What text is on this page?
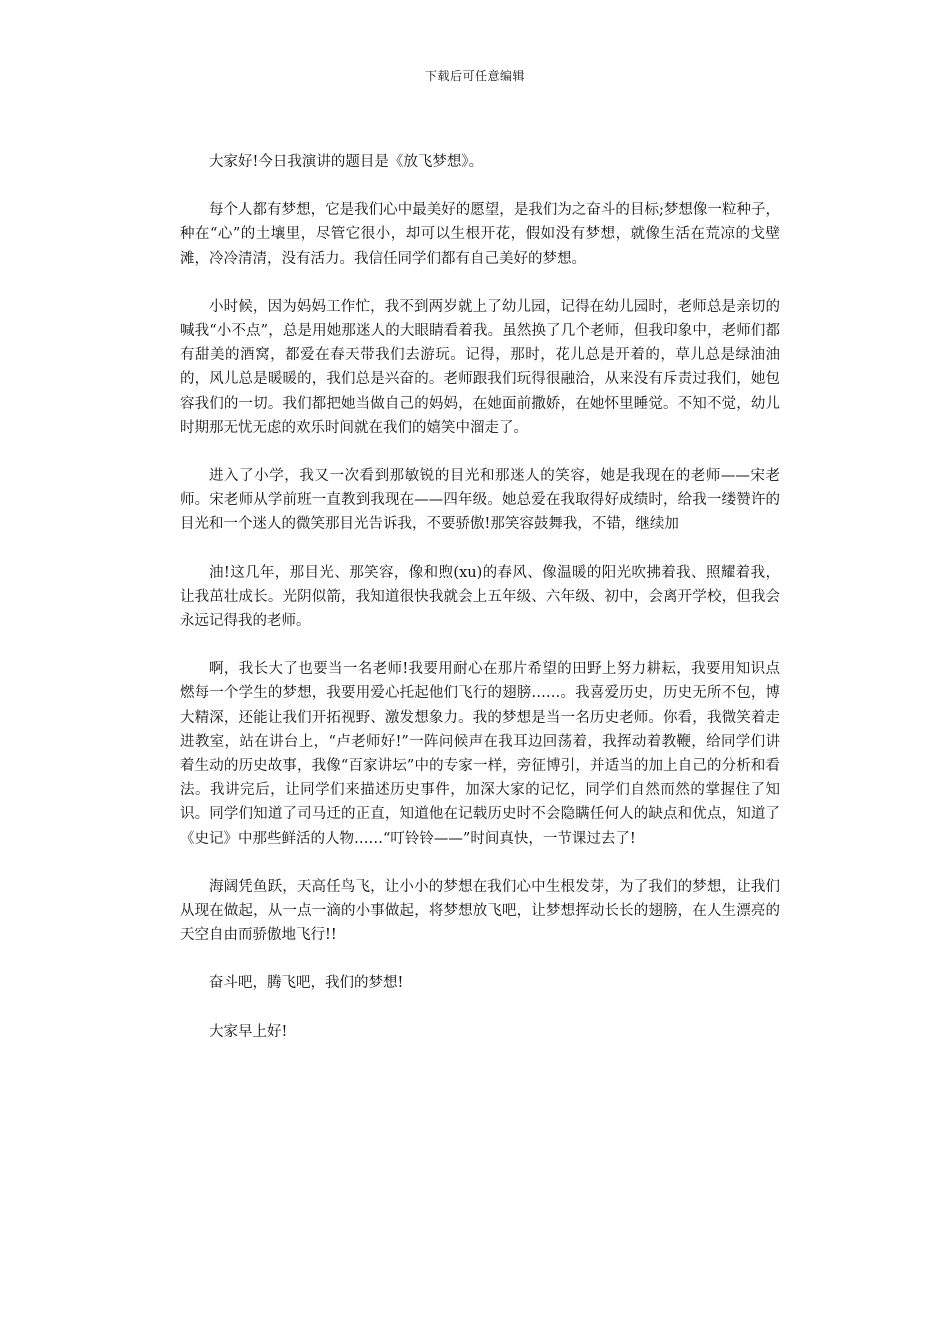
下载后可任意编辑

大家好!今日我演讲的题目是《放飞梦想》。

每个人都有梦想，它是我们心中最美好的愿望，是我们为之奋斗的目标;梦想像一粒种子，种在“心”的土壤里，尽管它很小，却可以生根开花，假如没有梦想，就像生活在荒凉的戈壁滩，冷冷清清，没有活力。我信任同学们都有自己美好的梦想。

小时候，因为妈妈工作忙，我不到两岁就上了幼儿园，记得在幼儿园时，老师总是亲切的喊我“小不点”，总是用她那迷人的大眼睛看着我。虽然换了几个老师，但我印象中，老师们都有甜美的酒窝，都爱在春天带我们去游玩。记得，那时，花儿总是开着的，草儿总是绿油油的，风儿总是暖暖的，我们总是兴奋的。老师跟我们玩得很融洽，从来没有斥责过我们，她包容我们的一切。我们都把她当做自己的妈妈，在她面前撒娇，在她怀里睡觉。不知不觉，幼儿时期那无忧无虑的欢乐时间就在我们的嬉笑中溜走了。

进入了小学，我又一次看到那敏锐的目光和那迷人的笑容，她是我现在的老师——宋老师。宋老师从学前班一直教到我现在——四年级。她总爱在我取得好成绩时，给我一缕赞许的目光和一个迷人的微笑那目光告诉我，不要骄傲!那笑容鼓舞我，不错，继续加

油!这几年，那目光、那笑容，像和煦(xu)的春风、像温暖的阳光吹拂着我、照耀着我，让我茁壮成长。光阴似箭，我知道很快我就会上五年级、六年级、初中，会离开学校，但我会永远记得我的老师。

啊，我长大了也要当一名老师!我要用耐心在那片希望的田野上努力耕耘，我要用知识点燃每一个学生的梦想，我要用爱心托起他们飞行的翅膀……。我喜爱历史，历史无所不包，博大精深，还能让我们开拓视野、激发想象力。我的梦想是当一名历史老师。你看，我微笑着走进教室，站在讲台上，“卢老师好!”一阵问候声在我耳边回荡着，我挥动着教鞭，给同学们讲着生动的历史故事，我像“百家讲坛”中的专家一样，旁征博引，并适当的加上自己的分析和看法。我讲完后，让同学们来描述历史事件，加深大家的记忆，同学们自然而然的掌握住了知识。同学们知道了司马迁的正直，知道他在记载历史时不会隐瞒任何人的缺点和优点，知道了《史记》中那些鲜活的人物……“叮铃铃——”时间真快，一节课过去了!

海阔凭鱼跃，天高任鸟飞，让小小的梦想在我们心中生根发芽，为了我们的梦想，让我们从现在做起，从一点一滴的小事做起，将梦想放飞吧，让梦想挥动长长的翅膀，在人生漂亮的天空自由而骄傲地飞行!!

奋斗吧，腾飞吧，我们的梦想!

大家早上好!
